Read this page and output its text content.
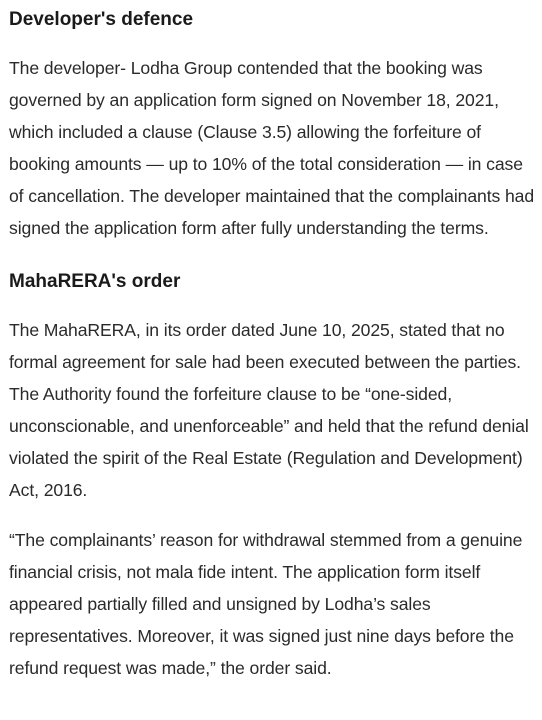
Developer's defence

The developer- Lodha Group contended that the booking was governed by an application form signed on November 18, 2021, which included a clause (Clause 3.5) allowing the forfeiture of booking amounts — up to 10% of the total consideration — in case of cancellation. The developer maintained that the complainants had signed the application form after fully understanding the terms.

MahaRERA's order

The MahaRERA, in its order dated June 10, 2025, stated that no formal agreement for sale had been executed between the parties. The Authority found the forfeiture clause to be “one-sided, unconscionable, and unenforceable” and held that the refund denial violated the spirit of the Real Estate (Regulation and Development) Act, 2016.

“The complainants’ reason for withdrawal stemmed from a genuine financial crisis, not mala fide intent. The application form itself appeared partially filled and unsigned by Lodha’s sales representatives. Moreover, it was signed just nine days before the refund request was made,” the order said.
